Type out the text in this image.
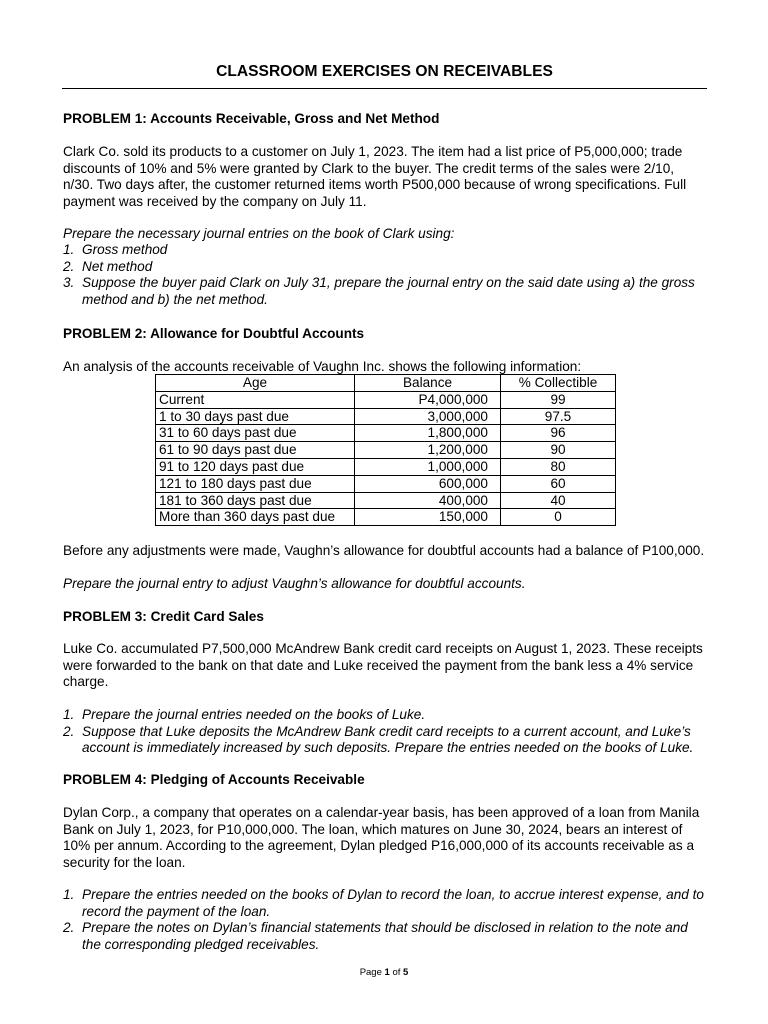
CLASSROOM EXERCISES ON RECEIVABLES
PROBLEM 1: Accounts Receivable, Gross and Net Method

Clark Co. sold its products to a customer on July 1, 2023. The item had a list price of P5,000,000; trade discounts of 10% and 5% were granted by Clark to the buyer. The credit terms of the sales were 2/10, n/30. Two days after, the customer returned items worth P500,000 because of wrong specifications. Full payment was received by the company on July 11.

Prepare the necessary journal entries on the book of Clark using:

1. Gross method
2. Net method
3. Suppose the buyer paid Clark on July 31, prepare the journal entry on the said date using a) the gross method and b) the net method.
PROBLEM 2: Allowance for Doubtful Accounts

An analysis of the accounts receivable of Vaughn Inc. shows the following information:

Age	Balance	% Collectible
Current	P4,000,000	99
1 to 30 days past due	3,000,000	97.5
31 to 60 days past due	1,800,000	96
61 to 90 days past due	1,200,000	90
91 to 120 days past due	1,000,000	80
121 to 180 days past due	600,000	60
181 to 360 days past due	400,000	40
More than 360 days past due	150,000	0

Before any adjustments were made, Vaughn’s allowance for doubtful accounts had a balance of P100,000.

Prepare the journal entry to adjust Vaughn’s allowance for doubtful accounts.

PROBLEM 3: Credit Card Sales

Luke Co. accumulated P7,500,000 McAndrew Bank credit card receipts on August 1, 2023. These receipts were forwarded to the bank on that date and Luke received the payment from the bank less a 4% service charge.

1. Prepare the journal entries needed on the books of Luke.
2. Suppose that Luke deposits the McAndrew Bank credit card receipts to a current account, and Luke’s account is immediately increased by such deposits. Prepare the entries needed on the books of Luke.
PROBLEM 4: Pledging of Accounts Receivable

Dylan Corp., a company that operates on a calendar-year basis, has been approved of a loan from Manila Bank on July 1, 2023, for P10,000,000. The loan, which matures on June 30, 2024, bears an interest of 10% per annum. According to the agreement, Dylan pledged P16,000,000 of its accounts receivable as a security for the loan.

1. Prepare the entries needed on the books of Dylan to record the loan, to accrue interest expense, and to record the payment of the loan.
2. Prepare the notes on Dylan’s financial statements that should be disclosed in relation to the note and the corresponding pledged receivables.
Page 1 of 5
